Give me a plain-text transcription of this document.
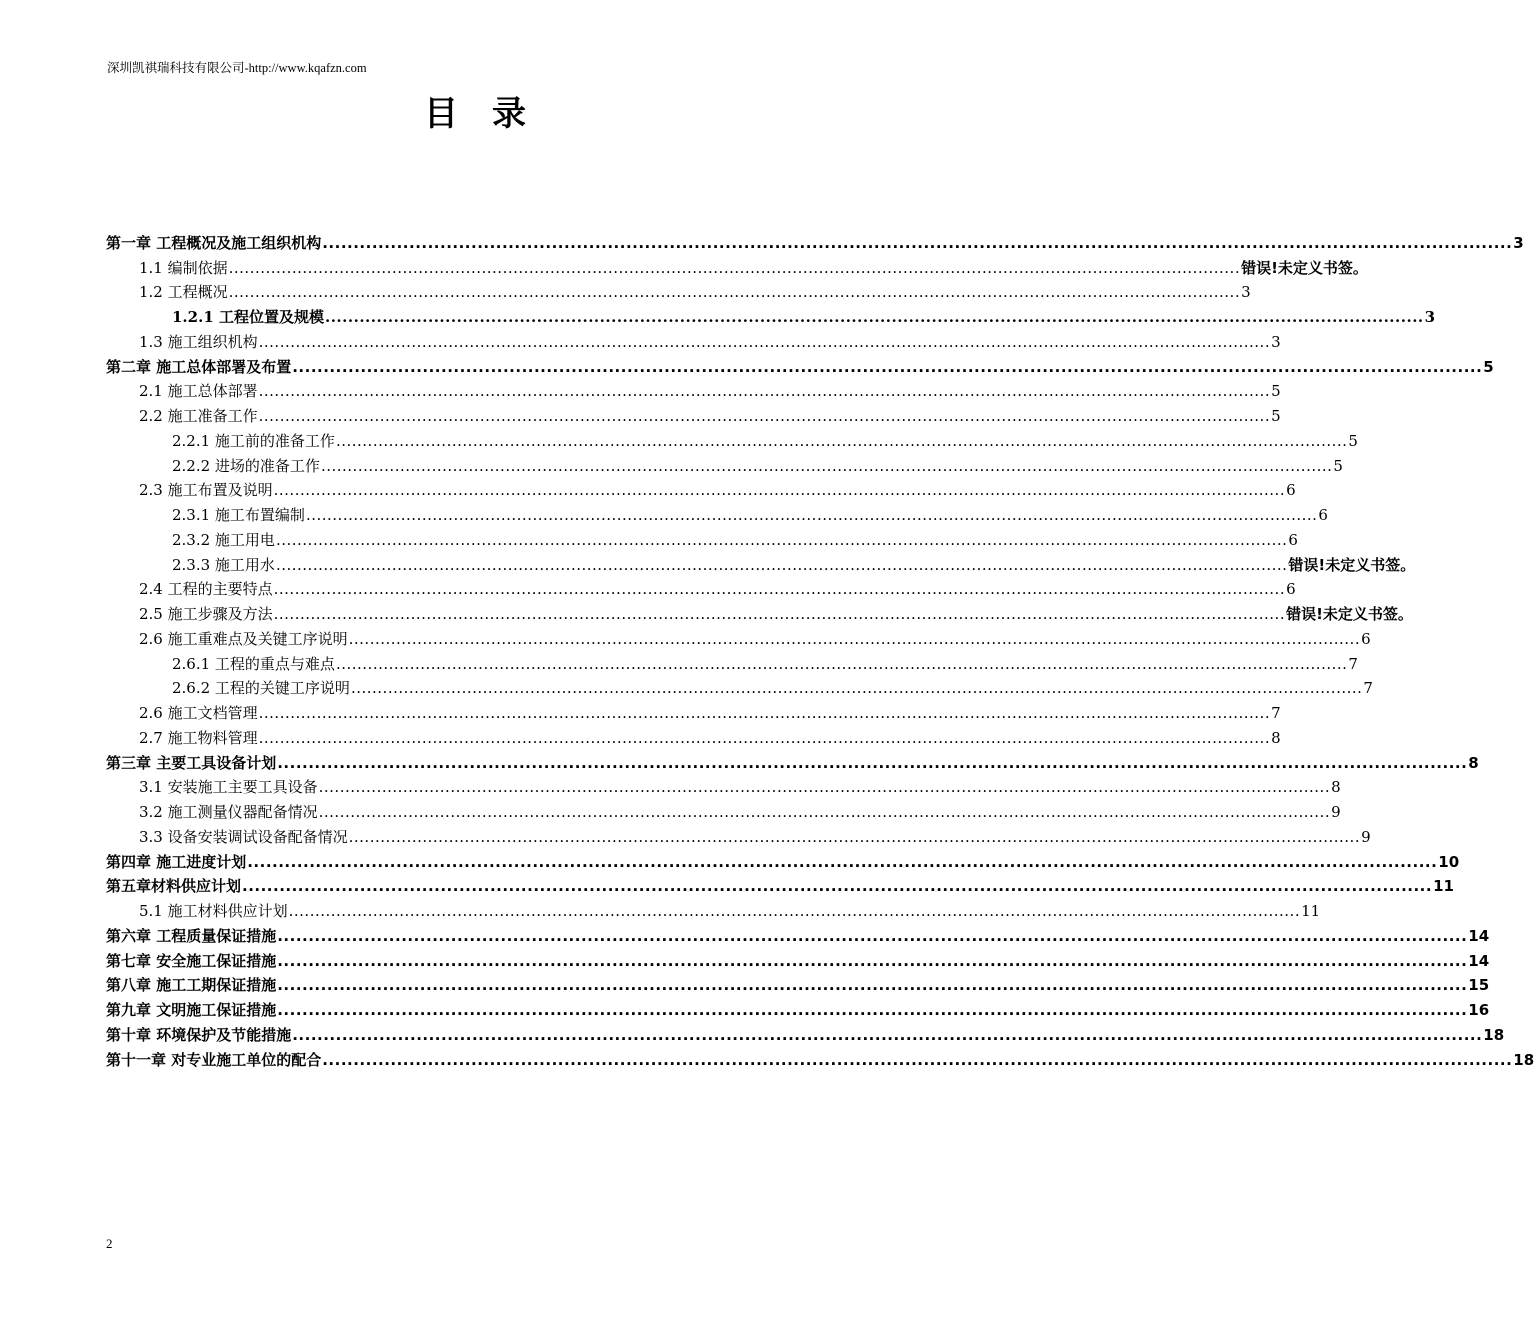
深圳凯祺瑞科技有限公司-http://www.kqafzn.com
目 录
第一章 工程概况及施工组织机构 ................................................................................................................................................................................................ 3
1.1 编制依据 ................................................................................................................................................................................................ 错误!未定义书签。
1.2 工程概况 ................................................................................................................................................................................................ 3
1.2.1 工程位置及规模 ................................................................................................................................................................................................ 3
1.3 施工组织机构 ................................................................................................................................................................................................ 3
第二章 施工总体部署及布置 ................................................................................................................................................................................................ 5
2.1 施工总体部署 ................................................................................................................................................................................................ 5
2.2 施工准备工作 ................................................................................................................................................................................................ 5
2.2.1 施工前的准备工作 ................................................................................................................................................................................................ 5
2.2.2 进场的准备工作 ................................................................................................................................................................................................ 5
2.3 施工布置及说明 ................................................................................................................................................................................................ 6
2.3.1 施工布置编制 ................................................................................................................................................................................................ 6
2.3.2 施工用电 ................................................................................................................................................................................................ 6
2.3.3 施工用水 ................................................................................................................................................................................................ 错误!未定义书签。
2.4 工程的主要特点 ................................................................................................................................................................................................ 6
2.5 施工步骤及方法 ................................................................................................................................................................................................ 错误!未定义书签。
2.6 施工重难点及关键工序说明 ................................................................................................................................................................................................ 6
2.6.1 工程的重点与难点 ................................................................................................................................................................................................ 7
2.6.2 工程的关键工序说明 ................................................................................................................................................................................................ 7
2.6 施工文档管理 ................................................................................................................................................................................................ 7
2.7 施工物料管理 ................................................................................................................................................................................................ 8
第三章 主要工具设备计划 ................................................................................................................................................................................................ 8
3.1 安装施工主要工具设备 ................................................................................................................................................................................................ 8
3.2 施工测量仪器配备情况 ................................................................................................................................................................................................ 9
3.3 设备安装调试设备配备情况 ................................................................................................................................................................................................ 9
第四章 施工进度计划 ................................................................................................................................................................................................ 10
第五章材料供应计划 ................................................................................................................................................................................................ 11
5.1 施工材料供应计划 ................................................................................................................................................................................................ 11
第六章 工程质量保证措施 ................................................................................................................................................................................................ 14
第七章 安全施工保证措施 ................................................................................................................................................................................................ 14
第八章 施工工期保证措施 ................................................................................................................................................................................................ 15
第九章 文明施工保证措施 ................................................................................................................................................................................................ 16
第十章 环境保护及节能措施 ................................................................................................................................................................................................ 18
第十一章 对专业施工单位的配合 ................................................................................................................................................................................................ 18
2
